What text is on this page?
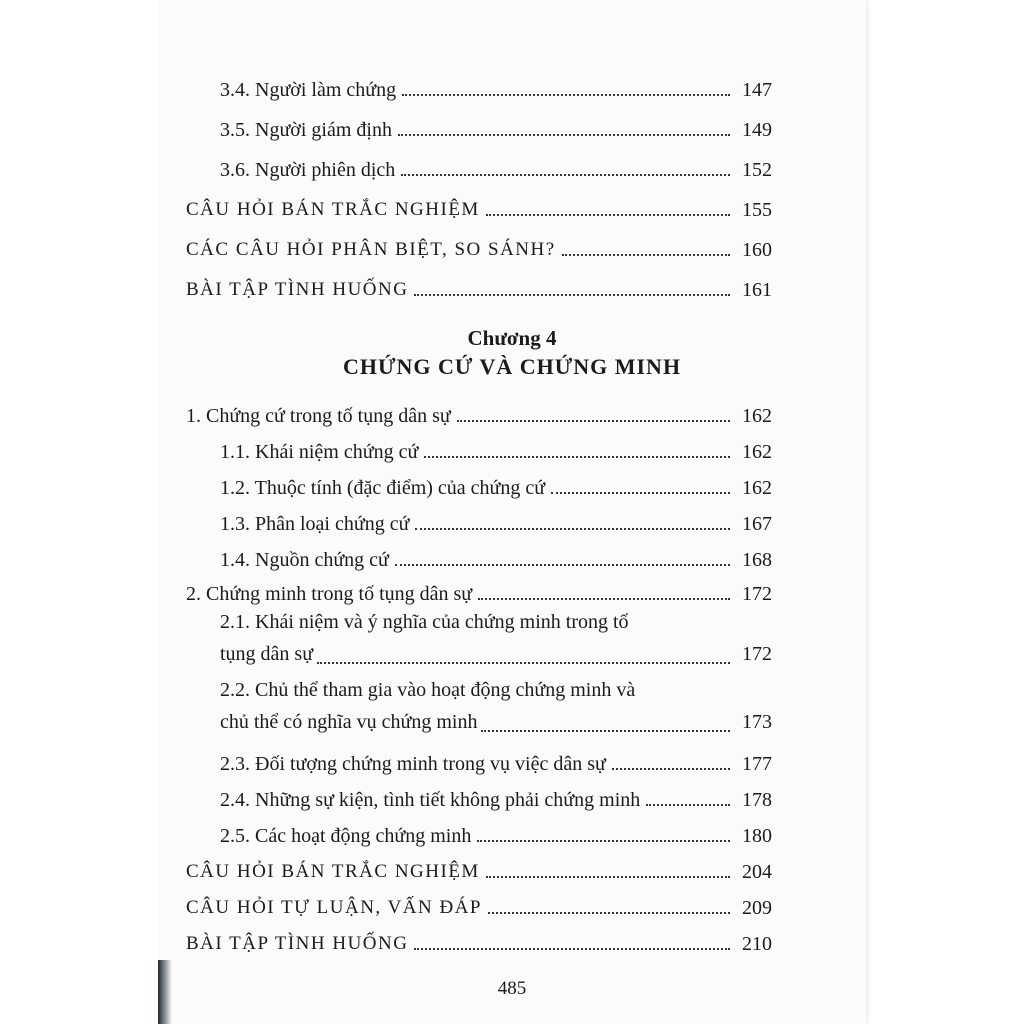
3.4. Người làm chứng	147
3.5. Người giám định	149
3.6. Người phiên dịch	152
CÂU HỎI BÁN TRẮC NGHIỆM	155
CÁC CÂU HỎI PHÂN BIỆT, SO SÁNH?	160
BÀI TẬP TÌNH HUỐNG	161
Chương 4
CHỨNG CỨ VÀ CHỨNG MINH
1. Chứng cứ trong tố tụng dân sự	162
1.1. Khái niệm chứng cứ	162
1.2. Thuộc tính (đặc điểm) của chứng cứ	162
1.3. Phân loại chứng cứ	167
1.4. Nguồn chứng cứ	168
2. Chứng minh trong tố tụng dân sự	172
2.1. Khái niệm và ý nghĩa của chứng minh trong tố
tụng dân sự	172
2.2. Chủ thể tham gia vào hoạt động chứng minh và
chủ thể có nghĩa vụ chứng minh	173
2.3. Đối tượng chứng minh trong vụ việc dân sự	177
2.4. Những sự kiện, tình tiết không phải chứng minh	178
2.5. Các hoạt động chứng minh	180
CÂU HỎI BÁN TRẮC NGHIỆM	204
CÂU HỎI TỰ LUẬN, VẤN ĐÁP	209
BÀI TẬP TÌNH HUỐNG	210
485
